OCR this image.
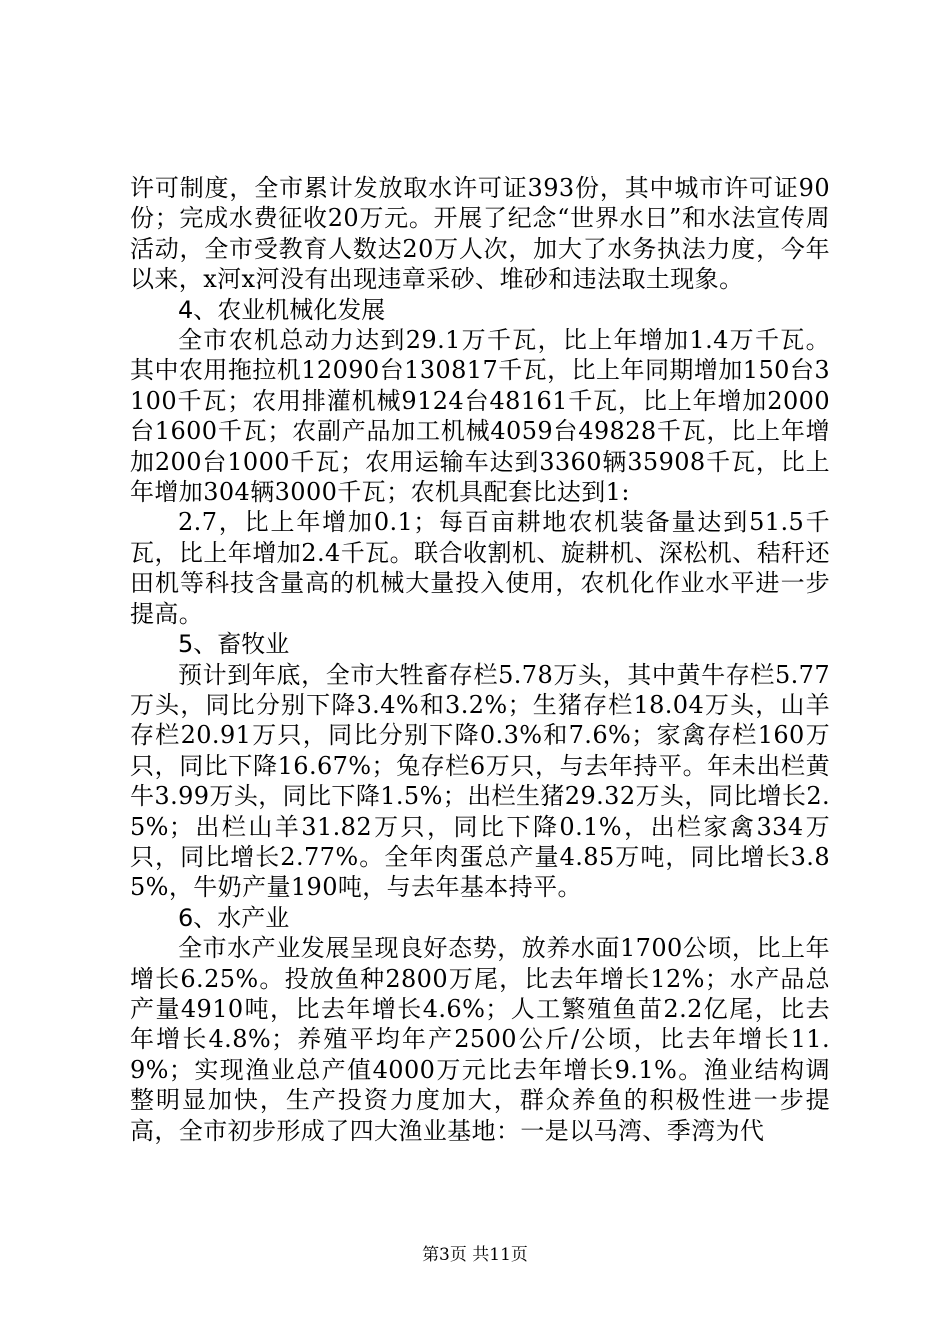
许可制度，全市累计发放取水许可证393份，其中城市许可证90份；完成水费征收20万元。开展了纪念“世界水日”和水法宣传周活动，全市受教育人数达20万人次，加大了水务执法力度，今年以来，x河x河没有出现违章采砂、堆砂和违法取土现象。

4、农业机械化发展

全市农机总动力达到29.1万千瓦，比上年增加1.4万千瓦。其中农用拖拉机12090台130817千瓦，比上年同期增加150台3100千瓦；农用排灌机械9124台48161千瓦，比上年增加2000台1600千瓦；农副产品加工机械4059台49828千瓦，比上年增加200台1000千瓦；农用运输车达到3360辆35908千瓦，比上年增加304辆3000千瓦；农机具配套比达到1:

2.7，比上年增加0.1；每百亩耕地农机装备量达到51.5千瓦，比上年增加2.4千瓦。联合收割机、旋耕机、深松机、秸秆还田机等科技含量高的机械大量投入使用，农机化作业水平进一步提高。

5、畜牧业

预计到年底，全市大牲畜存栏5.78万头，其中黄牛存栏5.77万头，同比分别下降3.4%和3.2%；生猪存栏18.04万头，山羊存栏20.91万只，同比分别下降0.3%和7.6%；家禽存栏160万只，同比下降16.67%；兔存栏6万只，与去年持平。年未出栏黄牛3.99万头，同比下降1.5%；出栏生猪29.32万头，同比增长2.5%；出栏山羊31.82万只，同比下降0.1%，出栏家禽334万只，同比增长2.77%。全年肉蛋总产量4.85万吨，同比增长3.85%，牛奶产量190吨，与去年基本持平。

6、水产业

全市水产业发展呈现良好态势，放养水面1700公顷，比上年增长6.25%。投放鱼种2800万尾，比去年增长12%；水产品总产量4910吨，比去年增长4.6%；人工繁殖鱼苗2.2亿尾，比去年增长4.8%；养殖平均年产2500公斤/公顷，比去年增长11.9%；实现渔业总产值4000万元比去年增长9.1%。渔业结构调整明显加快，生产投资力度加大，群众养鱼的积极性进一步提高，全市初步形成了四大渔业基地：一是以马湾、季湾为代

第3页 共11页
